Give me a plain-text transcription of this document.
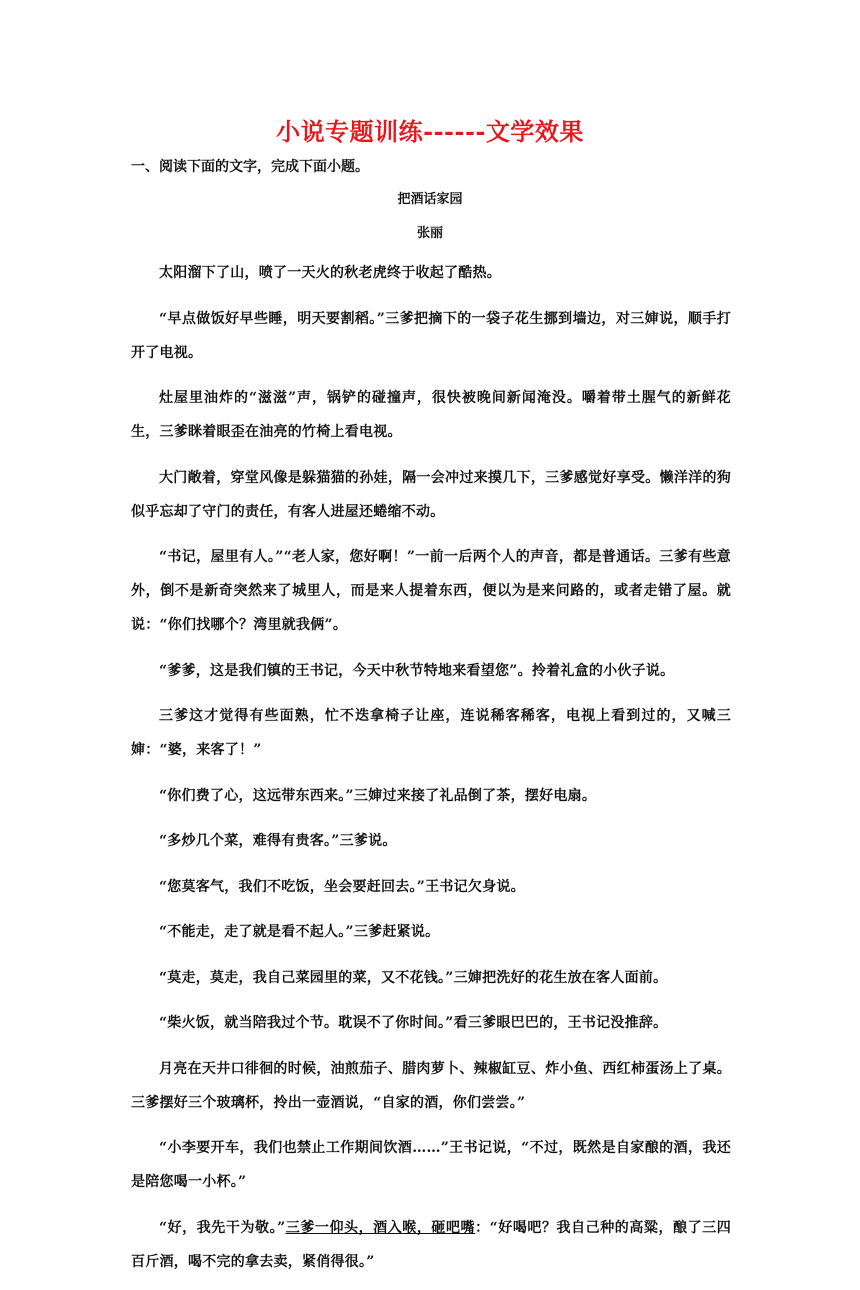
小说专题训练------文学效果
一、阅读下面的文字，完成下面小题。
把酒话家园
张丽

太阳溜下了山，喷了一天火的秋老虎终于收起了酷热。

“早点做饭好早些睡，明天要割稻。”三爹把摘下的一袋子花生挪到墙边，对三婶说，顺手打开了电视。

灶屋里油炸的“滋滋”声，锅铲的碰撞声，很快被晚间新闻淹没。嚼着带土腥气的新鲜花生，三爹眯着眼歪在油亮的竹椅上看电视。

大门敞着，穿堂风像是躲猫猫的孙娃，隔一会冲过来摸几下，三爹感觉好享受。懒洋洋的狗似乎忘却了守门的责任，有客人进屋还蜷缩不动。

“书记，屋里有人。”“老人家，您好啊！”一前一后两个人的声音，都是普通话。三爹有些意外，倒不是新奇突然来了城里人，而是来人提着东西，便以为是来问路的，或者走错了屋。就说：“你们找哪个？湾里就我俩”。

“爹爹，这是我们镇的王书记，今天中秋节特地来看望您”。拎着礼盒的小伙子说。

三爹这才觉得有些面熟，忙不迭拿椅子让座，连说稀客稀客，电视上看到过的，又喊三婶：“婆，来客了！”

“你们费了心，这远带东西来。”三婶过来接了礼品倒了茶，摆好电扇。

“多炒几个菜，难得有贵客。”三爹说。

“您莫客气，我们不吃饭，坐会要赶回去。”王书记欠身说。

“不能走，走了就是看不起人。”三爹赶紧说。

“莫走，莫走，我自己菜园里的菜，又不花钱。”三婶把洗好的花生放在客人面前。

“柴火饭，就当陪我过个节。耽误不了你时间。”看三爹眼巴巴的，王书记没推辞。

月亮在天井口徘徊的时候，油煎茄子、腊肉萝卜、辣椒缸豆、炸小鱼、西红柿蛋汤上了桌。三爹摆好三个玻璃杯，拎出一壶酒说，“自家的酒，你们尝尝。”

“小李要开车，我们也禁止工作期间饮酒……”王书记说，“不过，既然是自家酿的酒，我还是陪您喝一小杯。”

“好，我先干为敬。”三爹一仰头，酒入喉，砸吧嘴：“好喝吧？我自己种的高粱，酿了三四百斤酒，喝不完的拿去卖，紧俏得很。”
